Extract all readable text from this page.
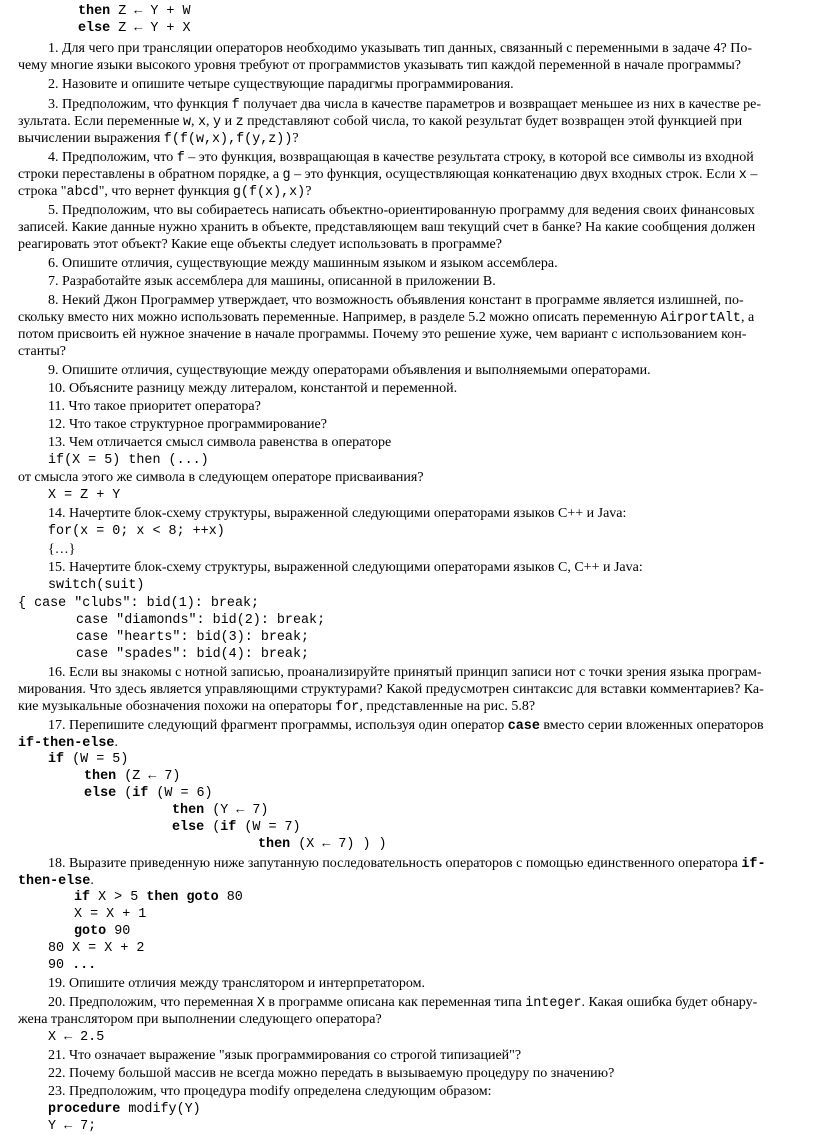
then Z ← Y + W
else Z ← Y + X
1. Для чего при трансляции операторов необходимо указывать тип данных, связанный с переменными в задаче 4? По-
чему многие языки высокого уровня требуют от программистов указывать тип каждой переменной в начале программы?
2. Назовите и опишите четыре существующие парадигмы программирования.
3. Предположим, что функция f получает два числа в качестве параметров и возвращает меньшее из них в качестве ре-
зультата. Если переменные w, x, y и z представляют собой числа, то какой результат будет возвращен этой функцией при
вычислении выражения f(f(w,x),f(y,z))?
4. Предположим, что f – это функция, возвращающая в качестве результата строку, в которой все символы из входной
строки переставлены в обратном порядке, а g – это функция, осуществляющая конкатенацию двух входных строк. Если x –
строка "abcd", что вернет функция g(f(x),x)?
5. Предположим, что вы собираетесь написать объектно-ориентированную программу для ведения своих финансовых
записей. Какие данные нужно хранить в объекте, представляющем ваш текущий счет в банке? На какие сообщения должен
реагировать этот объект? Какие еще объекты следует использовать в программе?
6. Опишите отличия, существующие между машинным языком и языком ассемблера.
7. Разработайте язык ассемблера для машины, описанной в приложении В.
8. Некий Джон Программер утверждает, что возможность объявления констант в программе является излишней, по-
скольку вместо них можно использовать переменные. Например, в разделе 5.2 можно описать переменную AirportAlt, а
потом присвоить ей нужное значение в начале программы. Почему это решение хуже, чем вариант с использованием кон-
станты?
9. Опишите отличия, существующие между операторами объявления и выполняемыми операторами.
10. Объясните разницу между литералом, константой и переменной.
11. Что такое приоритет оператора?
12. Что такое структурное программирование?
13. Чем отличается смысл символа равенства в операторе
if(X = 5) then (...)
от смысла этого же символа в следующем операторе присваивания?
X = Z + Y
14. Начертите блок-схему структуры, выраженной следующими операторами языков С++ и Java:
for(x = 0; x < 8; ++x)
{…}
15. Начертите блок-схему структуры, выраженной следующими операторами языков С, С++ и Java:
switch(suit)
{ case "clubs": bid(1): break;
case "diamonds": bid(2): break;
case "hearts": bid(3): break;
case "spades": bid(4): break;
16. Если вы знакомы с нотной записью, проанализируйте принятый принцип записи нот с точки зрения языка програм-
мирования. Что здесь является управляющими структурами? Какой предусмотрен синтаксис для вставки комментариев? Ка-
кие музыкальные обозначения похожи на операторы for, представленные на рис. 5.8?
17. Перепишите следующий фрагмент программы, используя один оператор case вместо серии вложенных операторов
if-then-else.
if (W = 5)
then (Z ← 7)
else (if (W = 6)
then (Y ← 7)
else (if (W = 7)
then (X ← 7) ) )
18. Выразите приведенную ниже запутанную последовательность операторов с помощью единственного оператора if-
then-else.
if X > 5 then goto 80
X = X + 1
goto 90
80 X = X + 2
90 ...
19. Опишите отличия между транслятором и интерпретатором.
20. Предположим, что переменная X в программе описана как переменная типа integer. Какая ошибка будет обнару-
жена транслятором при выполнении следующего оператора?
X ← 2.5
21. Что означает выражение "язык программирования со строгой типизацией"?
22. Почему большой массив не всегда можно передать в вызываемую процедуру по значению?
23. Предположим, что процедура modify определена следующим образом:
procedure modify(Y)
Y ← 7;
